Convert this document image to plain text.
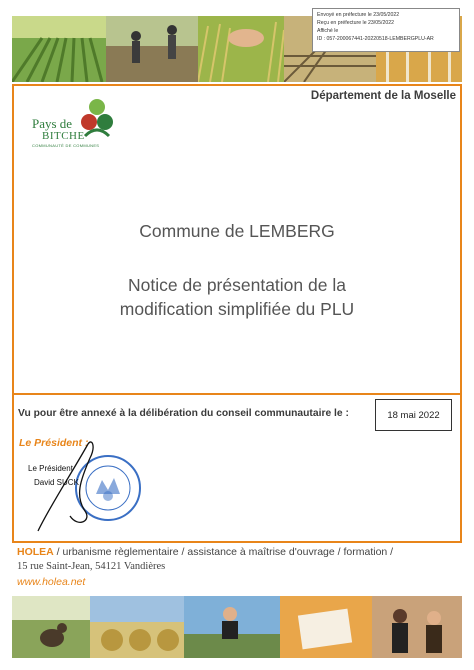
Envoyé en préfecture le 23/05/2022
Reçu en préfecture le 23/05/2022
Affiché le
ID : 057-200067441-20220518-LEMBERGPLU-AR
Département de la Moselle
Pays de
BITCHE
COMMUNAUTÉ DE COMMUNES
Commune de LEMBERG
Notice de présentation de la
modification simplifiée du PLU
Vu pour être annexé à la délibération du conseil communautaire le :	18 mai 2022
Le Président :
Le Président
David SUCK
HOLEA / urbanisme règlementaire / assistance à maîtrise d'ouvrage / formation /
15 rue Saint-Jean, 54121 Vandières
www.holea.net
